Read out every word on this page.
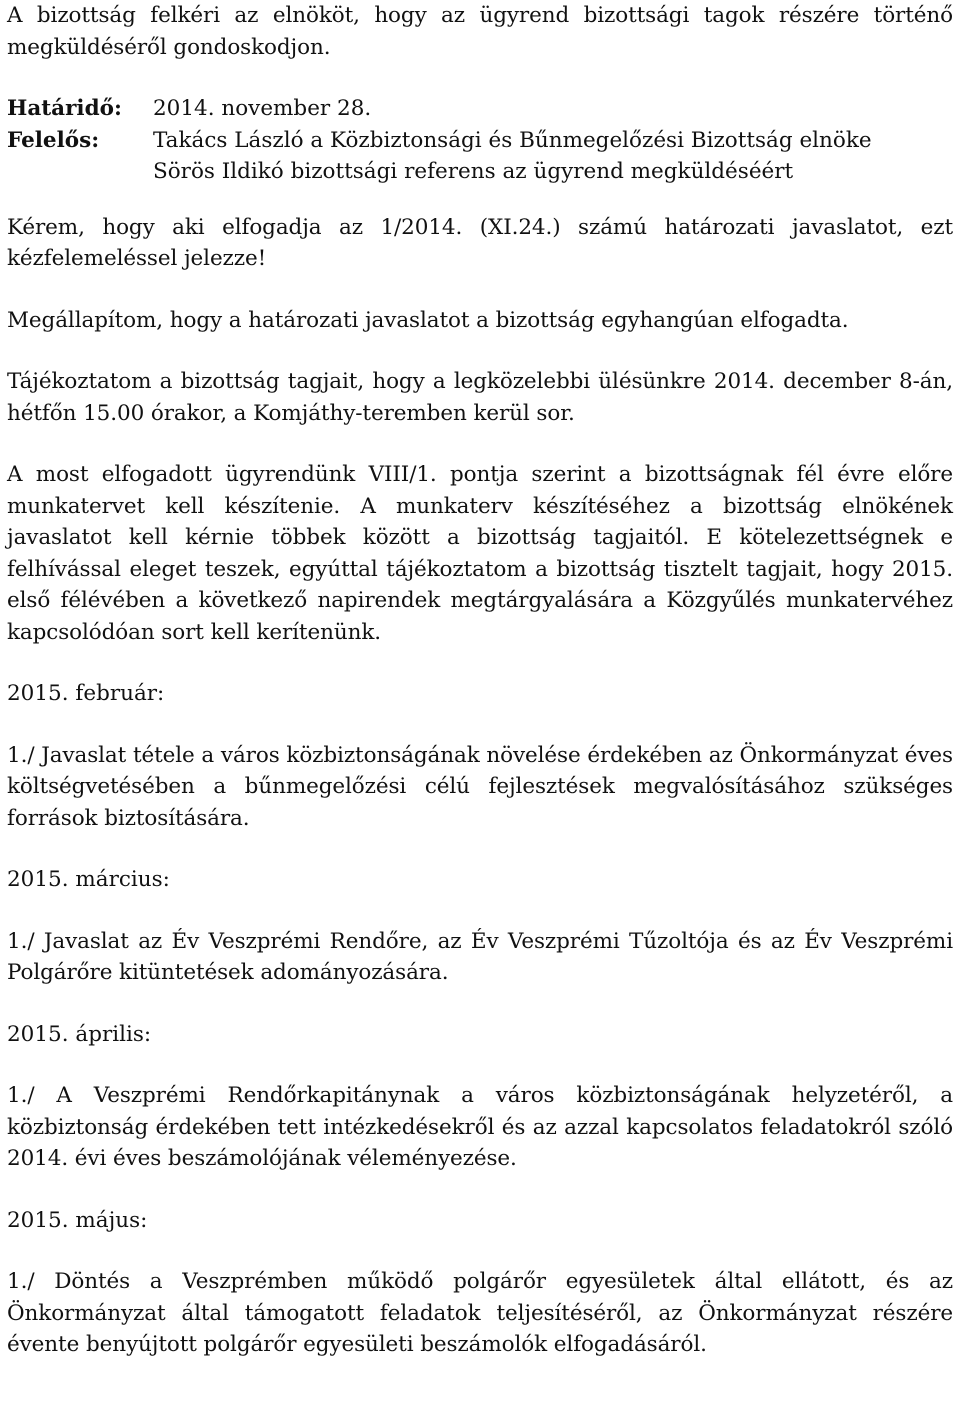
A bizottság felkéri az elnököt, hogy az ügyrend bizottsági tagok részére történő megküldéséről gondoskodjon.

Határidő:	2014. november 28.
Felelős:	Takács László a Közbiztonsági és Bűnmegelőzési Bizottság elnöke
Sörös Ildikó bizottsági referens az ügyrend megküldéséért

Kérem, hogy aki elfogadja az 1/2014. (XI.24.) számú határozati javaslatot, ezt kézfelemeléssel jelezze!

Megállapítom, hogy a határozati javaslatot a bizottság egyhangúan elfogadta.

Tájékoztatom a bizottság tagjait, hogy a legközelebbi ülésünkre 2014. december 8-án, hétfőn 15.00 órakor, a Komjáthy-teremben kerül sor.

A most elfogadott ügyrendünk VIII/1. pontja szerint a bizottságnak fél évre előre munkatervet kell készítenie. A munkaterv készítéséhez a bizottság elnökének javaslatot kell kérnie többek között a bizottság tagjaitól. E kötelezettségnek e felhívással eleget teszek, egyúttal tájékoztatom a bizottság tisztelt tagjait, hogy 2015. első félévében a következő napirendek megtárgyalására a Közgyűlés munkatervéhez kapcsolódóan sort kell kerítenünk.

2015. február:

1./ Javaslat tétele a város közbiztonságának növelése érdekében az Önkormányzat éves költségvetésében a bűnmegelőzési célú fejlesztések megvalósításához szükséges források biztosítására.

2015. március:

1./ Javaslat az Év Veszprémi Rendőre, az Év Veszprémi Tűzoltója és az Év Veszprémi Polgárőre kitüntetések adományozására.

2015. április:

1./ A Veszprémi Rendőrkapitánynak a város közbiztonságának helyzetéről, a közbiztonság érdekében tett intézkedésekről és az azzal kapcsolatos feladatokról szóló 2014. évi éves beszámolójának véleményezése.

2015. május:

1./ Döntés a Veszprémben működő polgárőr egyesületek által ellátott, és az Önkormányzat által támogatott feladatok teljesítéséről, az Önkormányzat részére évente benyújtott polgárőr egyesületi beszámolók elfogadásáról.
